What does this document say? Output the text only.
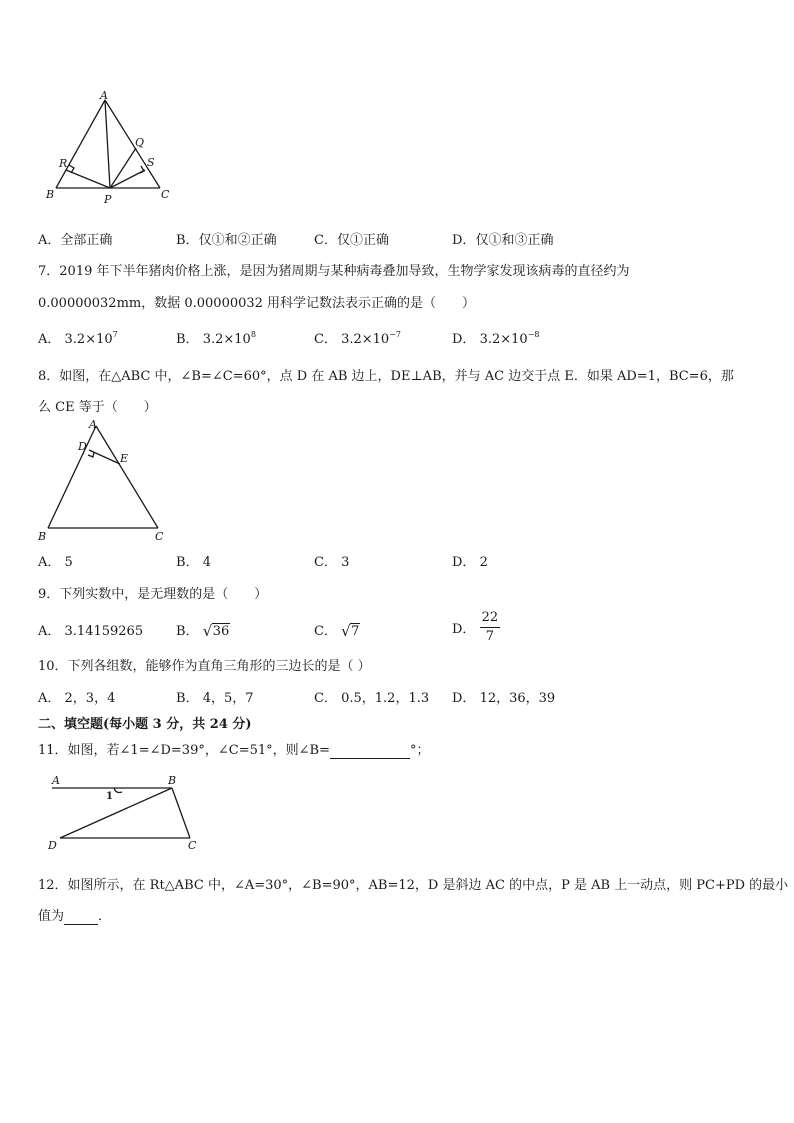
A
R
Q
S
B	P	C
A．全部正确	B．仅①和②正确	C．仅①正确	D．仅①和③正确
7．2019 年下半年猪肉价格上涨，是因为猪周期与某种病毒叠加导致，生物学家发现该病毒的直径约为
0.00000032mm，数据 0.00000032 用科学记数法表示正确的是（　　）
A． $3.2\times 10^7$	B． $3.2\times 10^8$	C． $3.2\times 10^{-7}$	D． $3.2\times 10^{-8}$
8．如图，在△ABC 中，∠B=∠C=60°，点 D 在 AB 边上，DE⊥AB，并与 AC 边交于点 E．如果 AD=1，BC=6，那
么 CE 等于（　　）
A
D
E
B	C
A． 5	B． 4	C． 3	D． 2
9．下列实数中，是无理数的是（　　）
A． 3.14159265	B． √ 36	C． √ 7	D． $\frac{22}{7}$
10．下列各组数，能够作为直角三角形的三边长的是（ ）
A． 2，3，4	B． 4，5，7	C． 0.5，1.2，1.3 D． 12，36，39
二、填空题(每小题 3 分，共 24 分)
11．如图，若∠1=∠D=39°，∠C=51°，则∠B=	°；
A	B
1
D	C
12．如图所示，在 Rt△ABC 中，∠A=30°，∠B=90°，AB=12，D 是斜边 AC 的中点，P 是 AB 上一动点，则 PC+PD 的最小
值为	．
